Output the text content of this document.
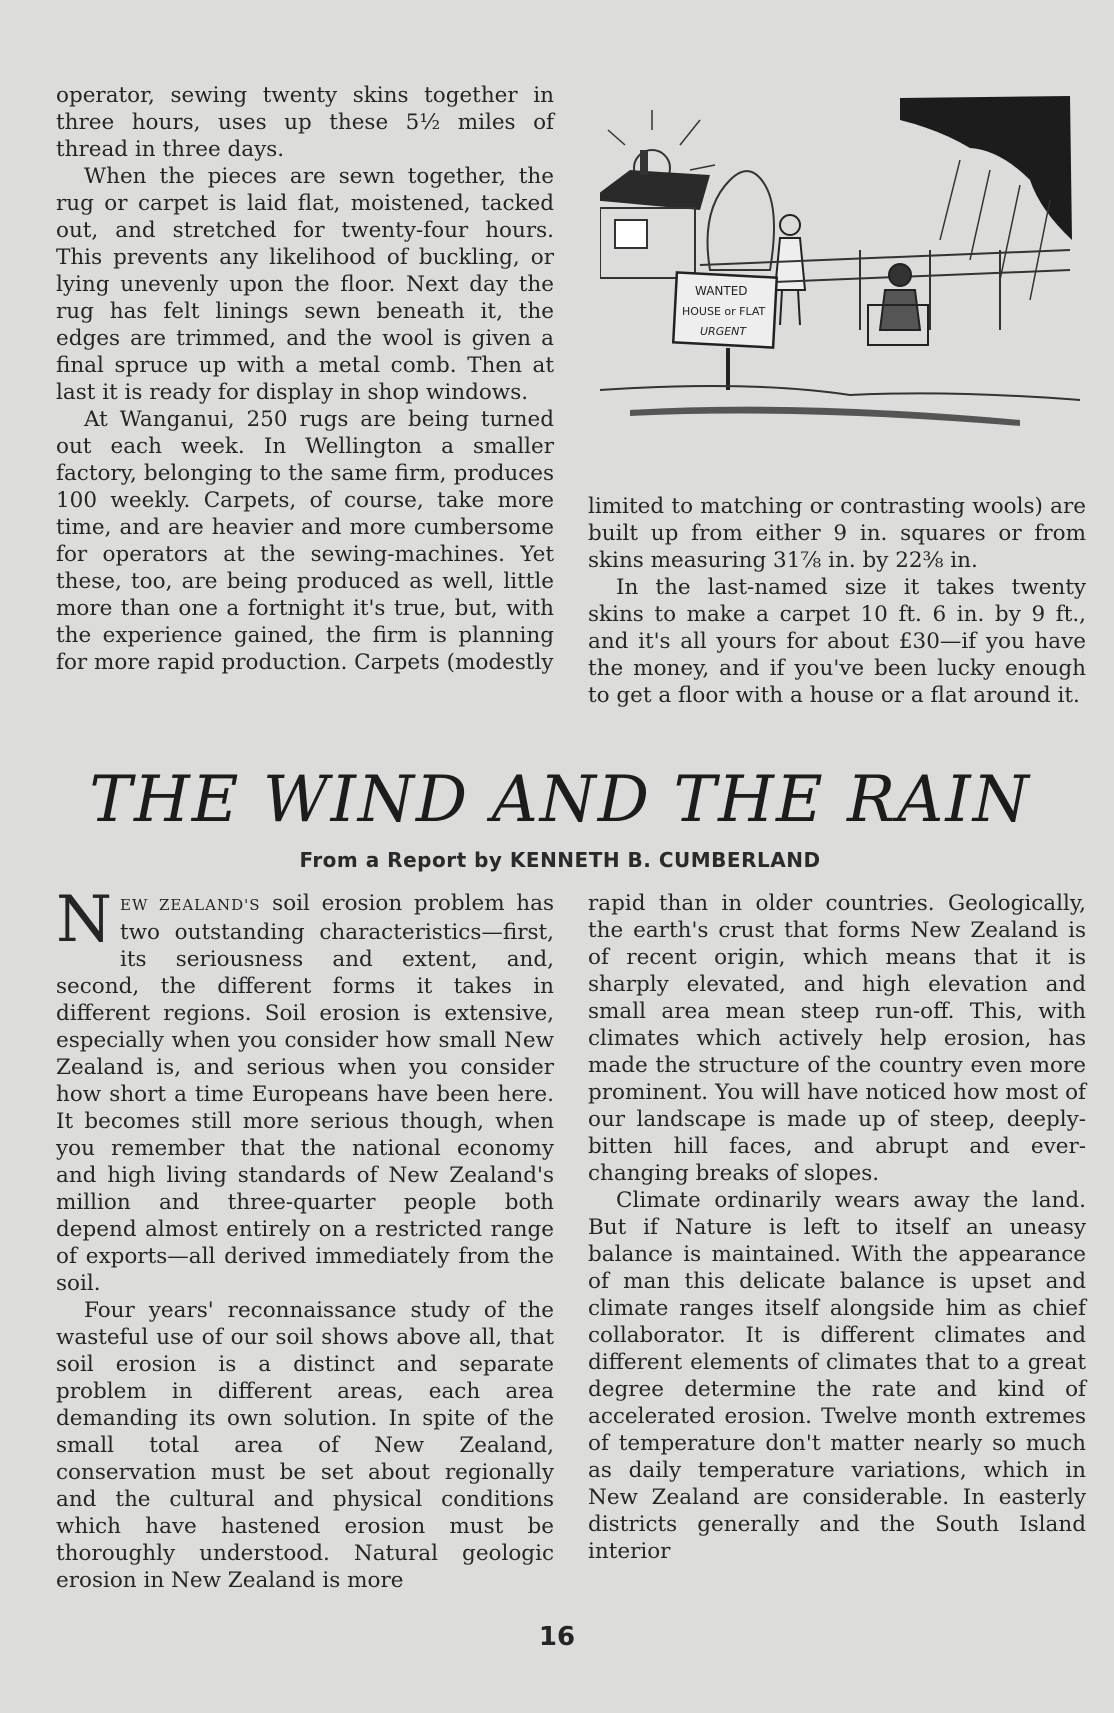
operator, sewing twenty skins together in three hours, uses up these 5½ miles of thread in three days.

When the pieces are sewn together, the rug or carpet is laid flat, moistened, tacked out, and stretched for twenty-four hours. This prevents any likelihood of buckling, or lying unevenly upon the floor. Next day the rug has felt linings sewn beneath it, the edges are trimmed, and the wool is given a final spruce up with a metal comb. Then at last it is ready for display in shop windows.

At Wanganui, 250 rugs are being turned out each week. In Wellington a smaller factory, belonging to the same firm, produces 100 weekly. Carpets, of course, take more time, and are heavier and more cumbersome for operators at the sewing-machines. Yet these, too, are being produced as well, little more than one a fortnight it's true, but, with the experience gained, the firm is planning for more rapid production. Carpets (modestly

WANTED
HOUSE or FLAT
URGENT

limited to matching or contrasting wools) are built up from either 9 in. squares or from skins measuring 31⅞ in. by 22⅜ in.

In the last-named size it takes twenty skins to make a carpet 10 ft. 6 in. by 9 ft., and it's all yours for about £30—if you have the money, and if you've been lucky enough to get a floor with a house or a flat around it.

THE WIND AND THE RAIN
From a Report by KENNETH B. CUMBERLAND

NEW ZEALAND'S soil erosion problem has two outstanding characteristics—first, its seriousness and extent, and, second, the different forms it takes in different regions. Soil erosion is extensive, especially when you consider how small New Zealand is, and serious when you consider how short a time Europeans have been here. It becomes still more serious though, when you remember that the national economy and high living standards of New Zealand's million and three-quarter people both depend almost entirely on a restricted range of exports—all derived immediately from the soil.

Four years' reconnaissance study of the wasteful use of our soil shows above all, that soil erosion is a distinct and separate problem in different areas, each area demanding its own solution. In spite of the small total area of New Zealand, conservation must be set about regionally and the cultural and physical conditions which have hastened erosion must be thoroughly understood. Natural geologic erosion in New Zealand is more

rapid than in older countries. Geologically, the earth's crust that forms New Zealand is of recent origin, which means that it is sharply elevated, and high elevation and small area mean steep run-off. This, with climates which actively help erosion, has made the structure of the country even more prominent. You will have noticed how most of our landscape is made up of steep, deeply-bitten hill faces, and abrupt and ever-changing breaks of slopes.

Climate ordinarily wears away the land. But if Nature is left to itself an uneasy balance is maintained. With the appearance of man this delicate balance is upset and climate ranges itself alongside him as chief collaborator. It is different climates and different elements of climates that to a great degree determine the rate and kind of accelerated erosion. Twelve month extremes of temperature don't matter nearly so much as daily temperature variations, which in New Zealand are considerable. In easterly districts generally and the South Island interior

16
